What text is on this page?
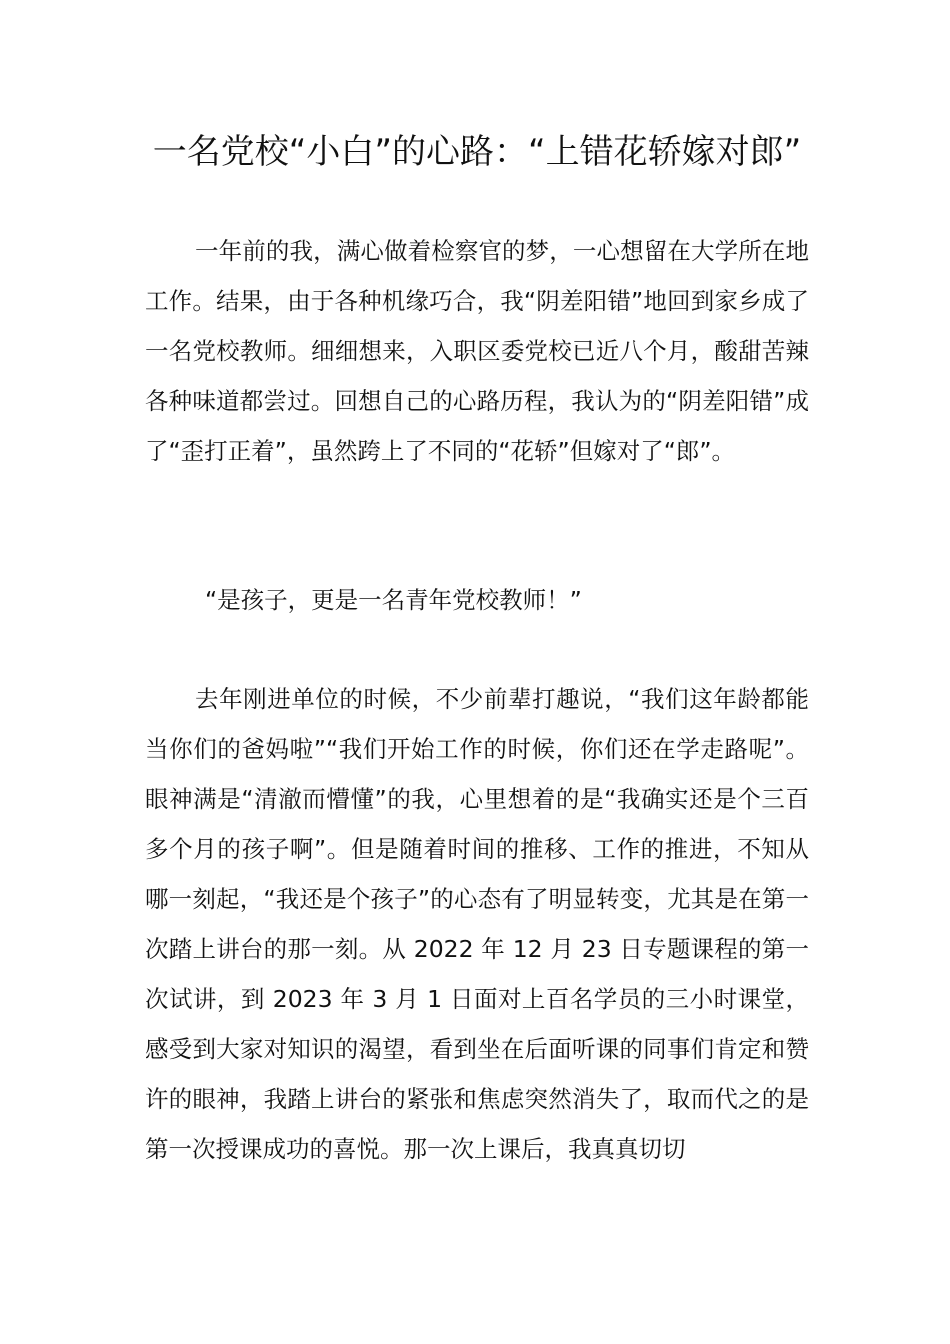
一名党校“小白”的心路：“上错花轿嫁对郎”

一年前的我，满心做着检察官的梦，一心想留在大学所在地工作。结果，由于各种机缘巧合，我“阴差阳错”地回到家乡成了一名党校教师。细细想来，入职区委党校已近八个月，酸甜苦辣各种味道都尝过。回想自己的心路历程，我认为的“阴差阳错”成了“歪打正着”，虽然跨上了不同的“花轿”但嫁对了“郎”。

“是孩子，更是一名青年党校教师！”

去年刚进单位的时候，不少前辈打趣说，“我们这年龄都能当你们的爸妈啦”“我们开始工作的时候，你们还在学走路呢”。眼神满是“清澈而懵懂”的我，心里想着的是“我确实还是个三百多个月的孩子啊”。但是随着时间的推移、工作的推进，不知从哪一刻起，“我还是个孩子”的心态有了明显转变，尤其是在第一次踏上讲台的那一刻。从 2022 年 12 月 23 日专题课程的第一次试讲，到 2023 年 3 月 1 日面对上百名学员的三小时课堂，感受到大家对知识的渴望，看到坐在后面听课的同事们肯定和赞许的眼神，我踏上讲台的紧张和焦虑突然消失了，取而代之的是第一次授课成功的喜悦。那一次上课后，我真真切切
